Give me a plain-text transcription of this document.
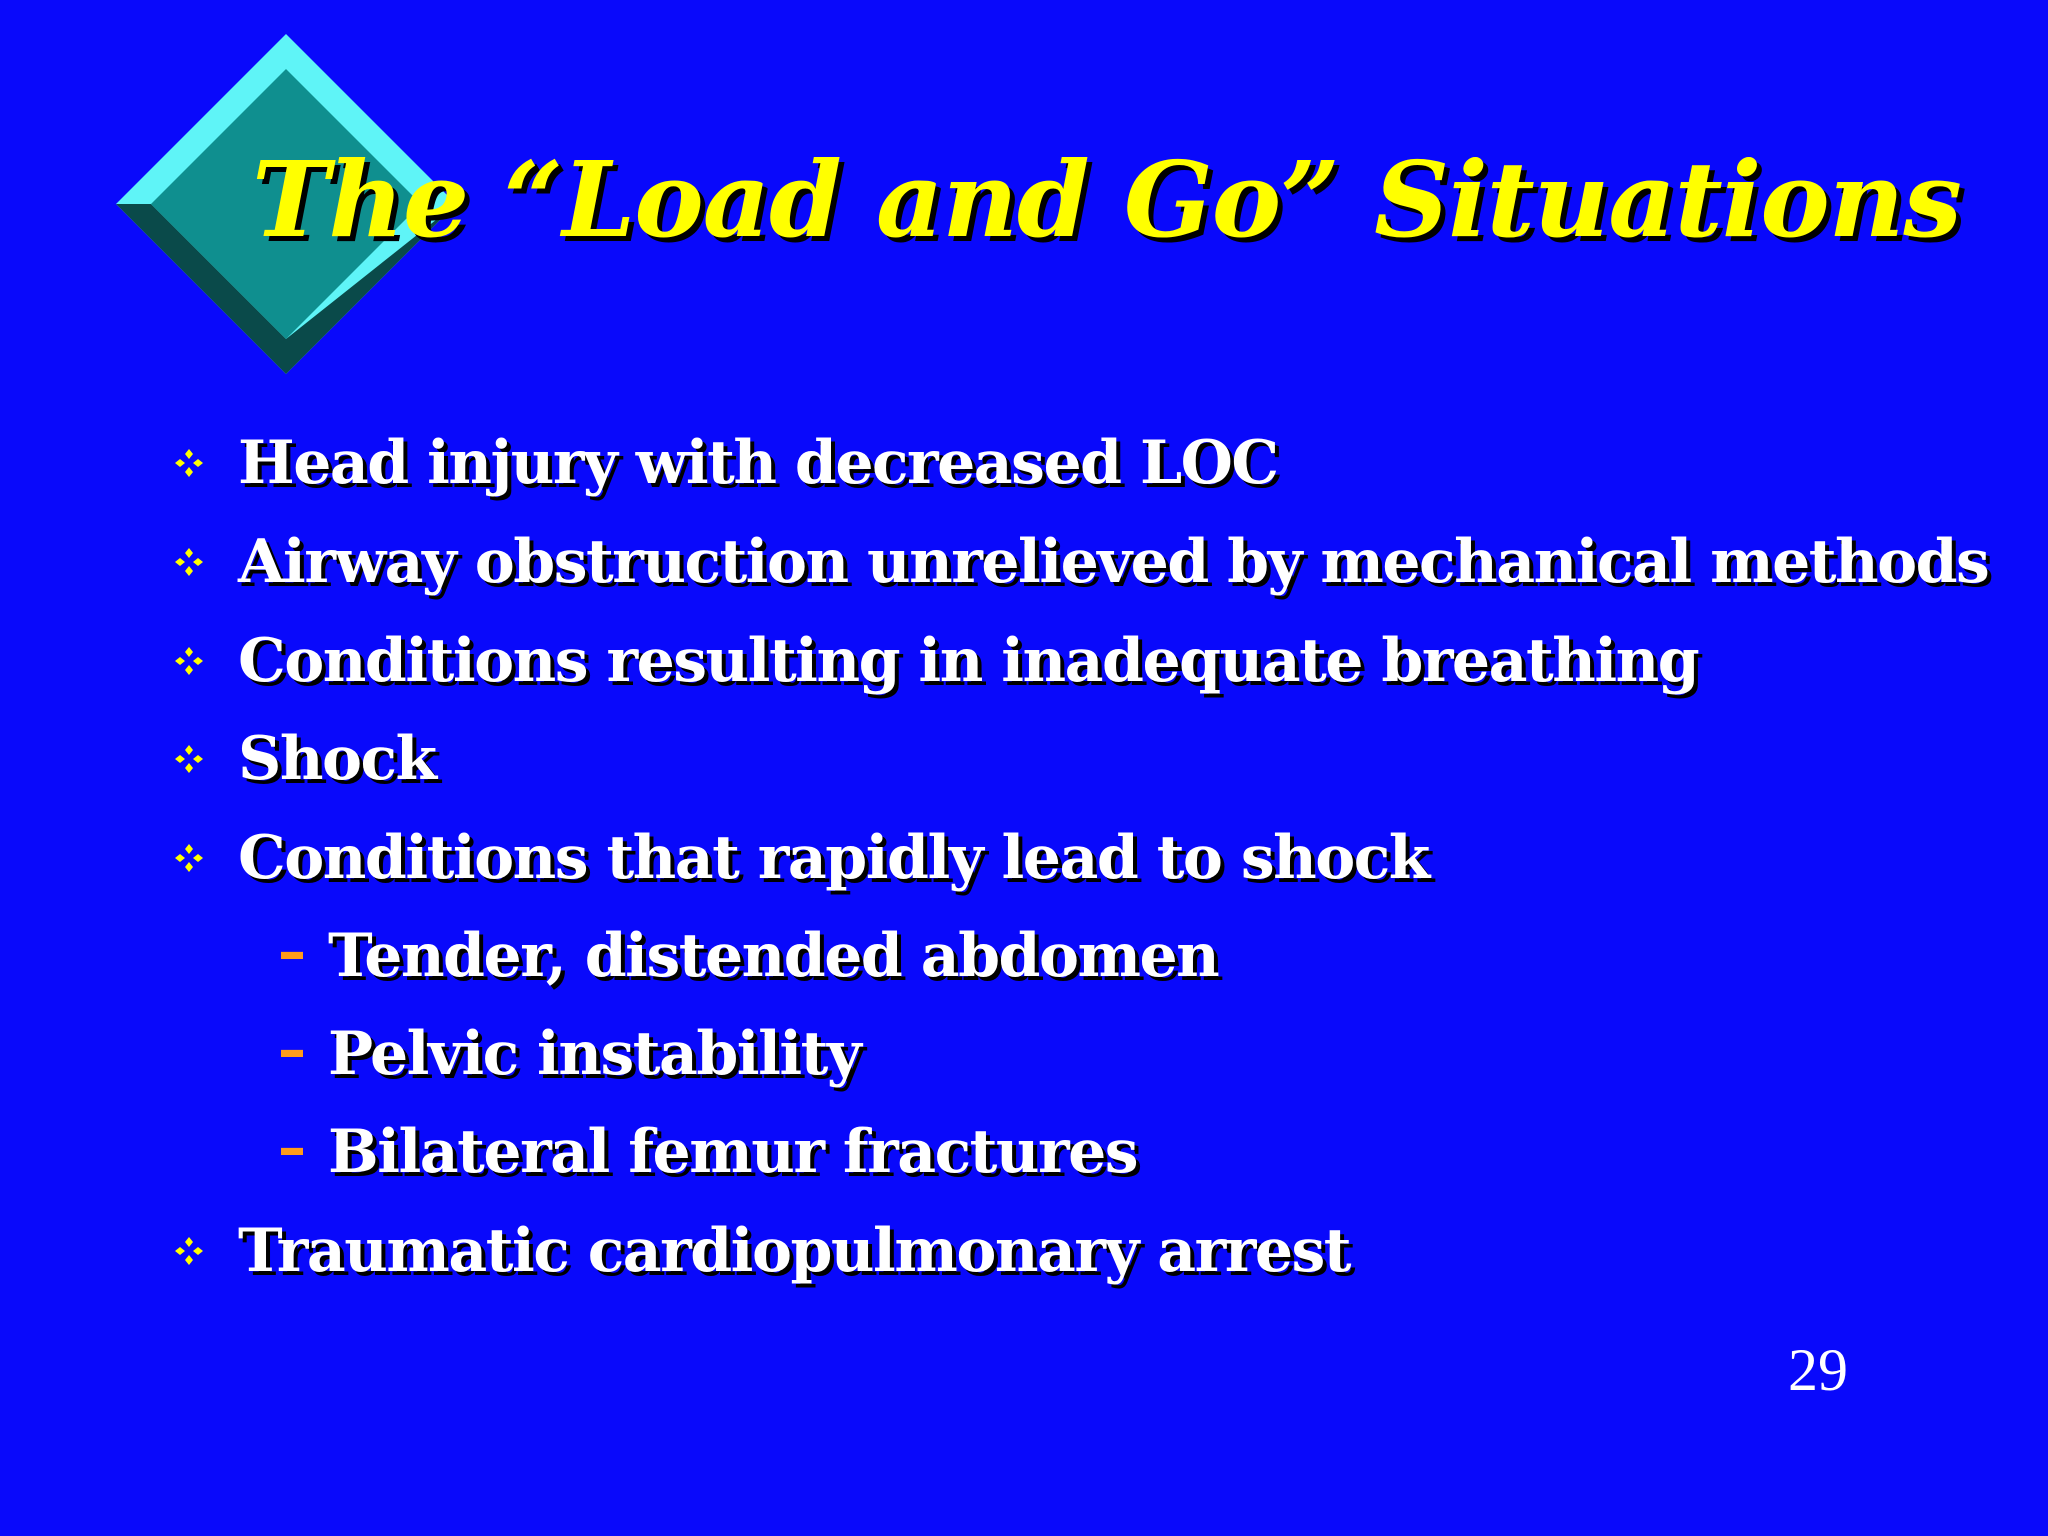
The “Load and Go” Situations
Head injury with decreased LOC
Airway obstruction unrelieved by mechanical methods
Conditions resulting in inadequate breathing
Shock
Conditions that rapidly lead to shock
– Tender, distended abdomen
– Pelvic instability
– Bilateral femur fractures
Traumatic cardiopulmonary arrest
29
